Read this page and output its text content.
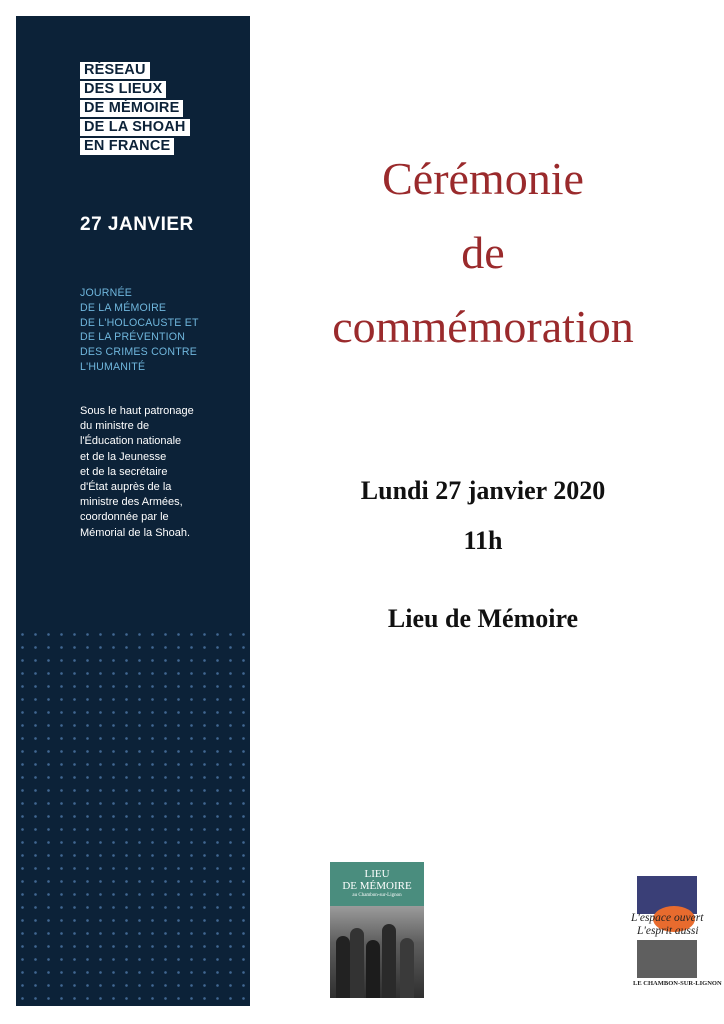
RÉSEAU
DES LIEUX
DE MÉMOIRE
DE LA SHOAH
EN FRANCE
27 JANVIER
JOURNÉE
DE LA MÉMOIRE
DE L'HOLOCAUSTE ET
DE LA PRÉVENTION
DES CRIMES CONTRE
L'HUMANITÉ
Sous le haut patronage
du ministre de
l'Éducation nationale
et de la Jeunesse
et de la secrétaire
d'État auprès de la
ministre des Armées,
coordonnée par le
Mémorial de la Shoah.
Cérémonie
de
commémoration
Lundi 27 janvier 2020
11h
Lieu de Mémoire
LIEU
DE MÉMOIRE
au Chambon-sur-Lignon
L'espace ouvert
L'esprit aussi
LE CHAMBON-SUR-LIGNON
